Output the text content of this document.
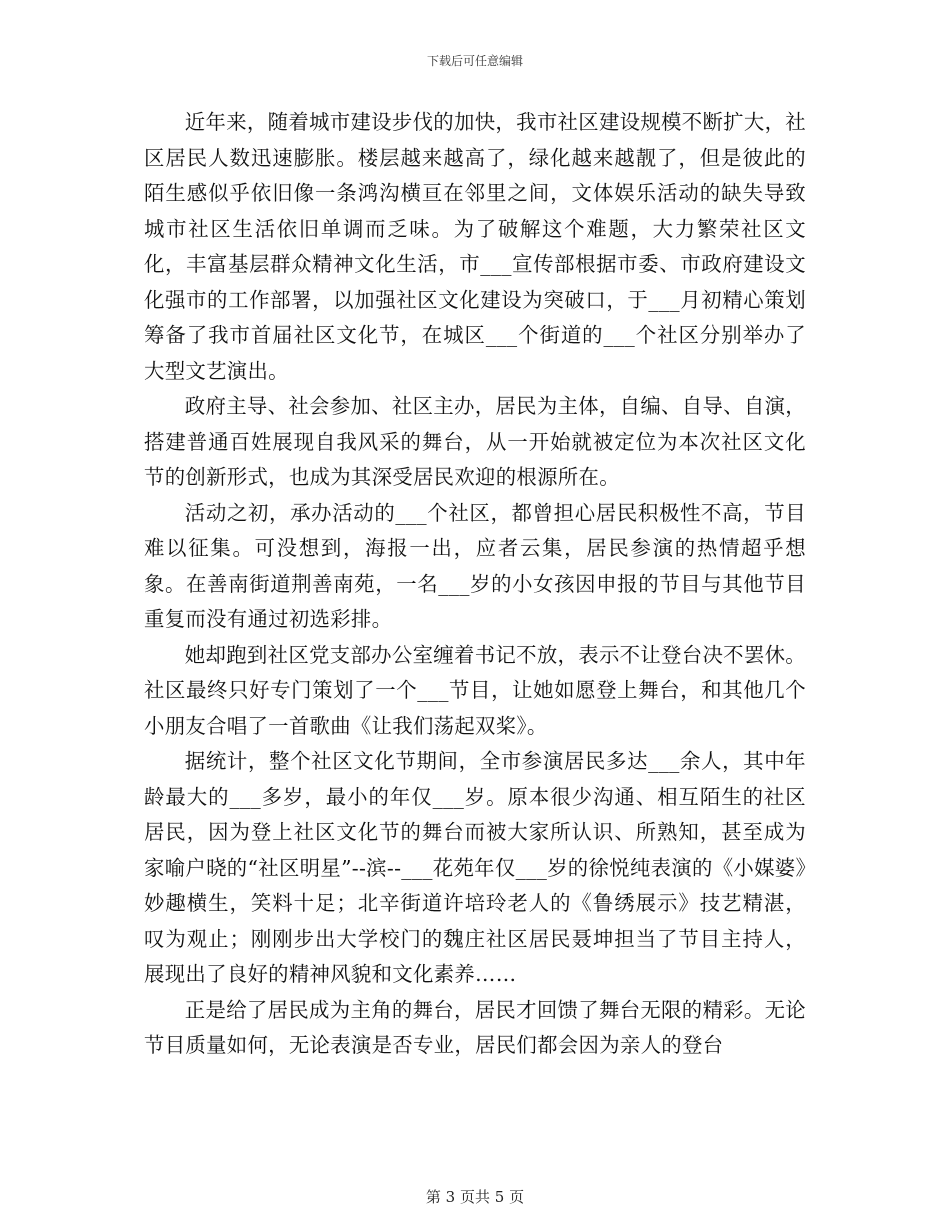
下载后可任意编辑

近年来，随着城市建设步伐的加快，我市社区建设规模不断扩大，社区居民人数迅速膨胀。楼层越来越高了，绿化越来越靓了，但是彼此的陌生感似乎依旧像一条鸿沟横亘在邻里之间，文体娱乐活动的缺失导致城市社区生活依旧单调而乏味。为了破解这个难题，大力繁荣社区文化，丰富基层群众精神文化生活，市___宣传部根据市委、市政府建设文化强市的工作部署，以加强社区文化建设为突破口，于___月初精心策划筹备了我市首届社区文化节，在城区___个街道的___个社区分别举办了大型文艺演出。

政府主导、社会参加、社区主办，居民为主体，自编、自导、自演，搭建普通百姓展现自我风采的舞台，从一开始就被定位为本次社区文化节的创新形式，也成为其深受居民欢迎的根源所在。

活动之初，承办活动的___个社区，都曾担心居民积极性不高，节目难以征集。可没想到，海报一出，应者云集，居民参演的热情超乎想象。在善南街道荆善南苑，一名___岁的小女孩因申报的节目与其他节目重复而没有通过初选彩排。

她却跑到社区党支部办公室缠着书记不放，表示不让登台决不罢休。社区最终只好专门策划了一个___节目，让她如愿登上舞台，和其他几个小朋友合唱了一首歌曲《让我们荡起双桨》。

据统计，整个社区文化节期间，全市参演居民多达___余人，其中年龄最大的___多岁，最小的年仅___岁。原本很少沟通、相互陌生的社区居民，因为登上社区文化节的舞台而被大家所认识、所熟知，甚至成为家喻户晓的“社区明星”--滨--___花苑年仅___岁的徐悦纯表演的《小媒婆》妙趣横生，笑料十足；北辛街道许培玲老人的《鲁绣展示》技艺精湛，叹为观止；刚刚步出大学校门的魏庄社区居民聂坤担当了节目主持人，展现出了良好的精神风貌和文化素养……

正是给了居民成为主角的舞台，居民才回馈了舞台无限的精彩。无论节目质量如何，无论表演是否专业，居民们都会因为亲人的登台

第 3 页共 5 页
